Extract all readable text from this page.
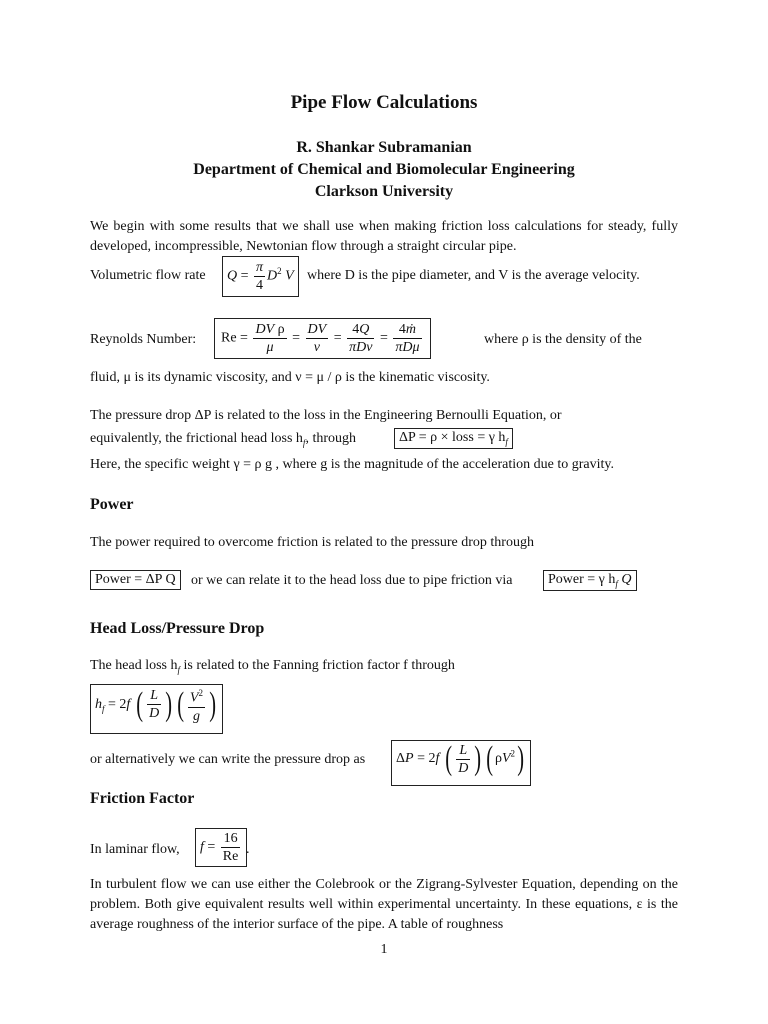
Pipe Flow Calculations
R. Shankar Subramanian
Department of Chemical and Biomolecular Engineering
Clarkson University
We begin with some results that we shall use when making friction loss calculations for steady, fully developed, incompressible, Newtonian flow through a straight circular pipe.
Volumetric flow rate	$Q = \frac{\pi}{4} D^2$ V where D is the pipe diameter, and V is the average velocity.
Reynolds Number:	$Re = \frac{\text{DV ρ}}{\mu} = \frac{DV}{\nu} = \frac{4Q}{\text{πDν}} = \frac{\text{4ṁ}}{\text{πDμ}}$	where ρ is the density of the
fluid, μ is its dynamic viscosity, and ν = μ / ρ is the kinematic viscosity.
The pressure drop ΔP is related to the loss in the Engineering Bernoulli Equation, or
equivalently, the frictional head loss $h_f$, through	ΔP = ρ × loss = γ $h_f$
Here, the specific weight γ = ρ g , where g is the magnitude of the acceleration due to gravity.
Power
The power required to overcome friction is related to the pressure drop through
Power = ΔP Q	or we can relate it to the head loss due to pipe friction via	Power = γ $h_f$ Q
Head Loss/Pressure Drop
The head loss $h_f$ is related to the Fanning friction factor f through
$h_f = 2f$ ( $\frac{L}{D}$ ) ( $\frac{V^2}{g}$ )
or alternatively we can write the pressure drop as	ΔP = 2f ( $\frac{L}{D}$ ) ( $\rho V^2$)
Friction Factor
In laminar flow,	$f = \frac{16}{Re}$ .
In turbulent flow we can use either the Colebrook or the Zigrang-Sylvester Equation, depending on the problem. Both give equivalent results well within experimental uncertainty. In these equations, ε is the average roughness of the interior surface of the pipe. A table of roughness
1
